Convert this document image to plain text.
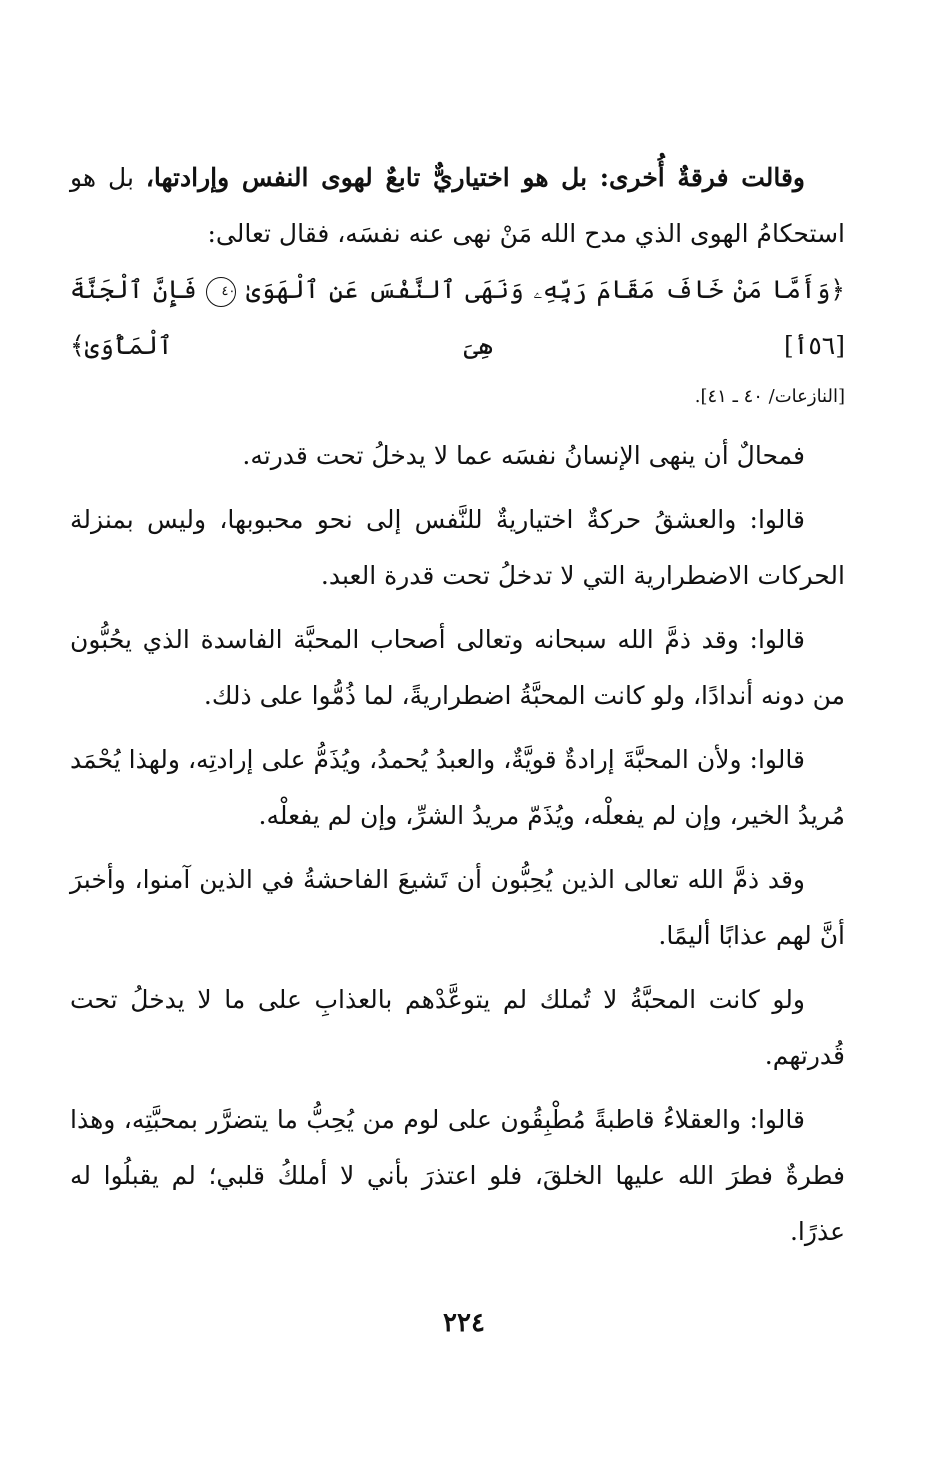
وقالت فرقةٌ أُخرى: بل هو اختياريٌّ تابعٌ لهوى النفس وإرادتها، بل هو استحكامُ الهوى الذي مدح الله مَنْ نهى عنه نفسَه، فقال تعالى:

﴿وَأَمَّا مَنْ خَافَ مَقَامَ رَبِّهِۦ وَنَهَى ٱلنَّفْسَ عَنِ ٱلْهَوَىٰ ٤٠ فَإِنَّ ٱلْجَنَّةَ [٥٦أ] هِىَ ٱلْمَأْوَىٰ﴾

[النازعات/ ٤٠ ـ ٤١].

فمحالٌ أن ينهى الإنسانُ نفسَه عما لا يدخلُ تحت قدرته.

قالوا: والعشقُ حركةٌ اختياريةٌ للنَّفس إلى نحو محبوبها، وليس بمنزلة الحركات الاضطرارية التي لا تدخلُ تحت قدرة العبد.

قالوا: وقد ذمَّ الله سبحانه وتعالى أصحاب المحبَّة الفاسدة الذي يحُبُّون من دونه أندادًا، ولو كانت المحبَّةُ اضطراريةً، لما ذُمُّوا على ذلك.

قالوا: ولأن المحبَّةَ إرادةٌ قويَّةٌ، والعبدُ يُحمدُ، ويُذَمُّ على إرادتِه، ولهذا يُحْمَد مُريدُ الخير، وإن لم يفعلْه، ويُذَمّ مريدُ الشرِّ، وإن لم يفعلْه.

وقد ذمَّ الله تعالى الذين يُحِبُّون أن تَشيعَ الفاحشةُ في الذين آمنوا، وأخبرَ أنَّ لهم عذابًا أليمًا.

ولو كانت المحبَّةُ لا تُملك لم يتوعَّدْهم بالعذابِ على ما لا يدخلُ تحت قُدرتهم.

قالوا: والعقلاءُ قاطبةً مُطْبِقُون على لوم من يُحِبُّ ما يتضرَّر بمحبَّتِه، وهذا فطرةٌ فطرَ الله عليها الخلقَ، فلو اعتذرَ بأني لا أملكُ قلبي؛ لم يقبلُوا له عذرًا.

٢٢٤
